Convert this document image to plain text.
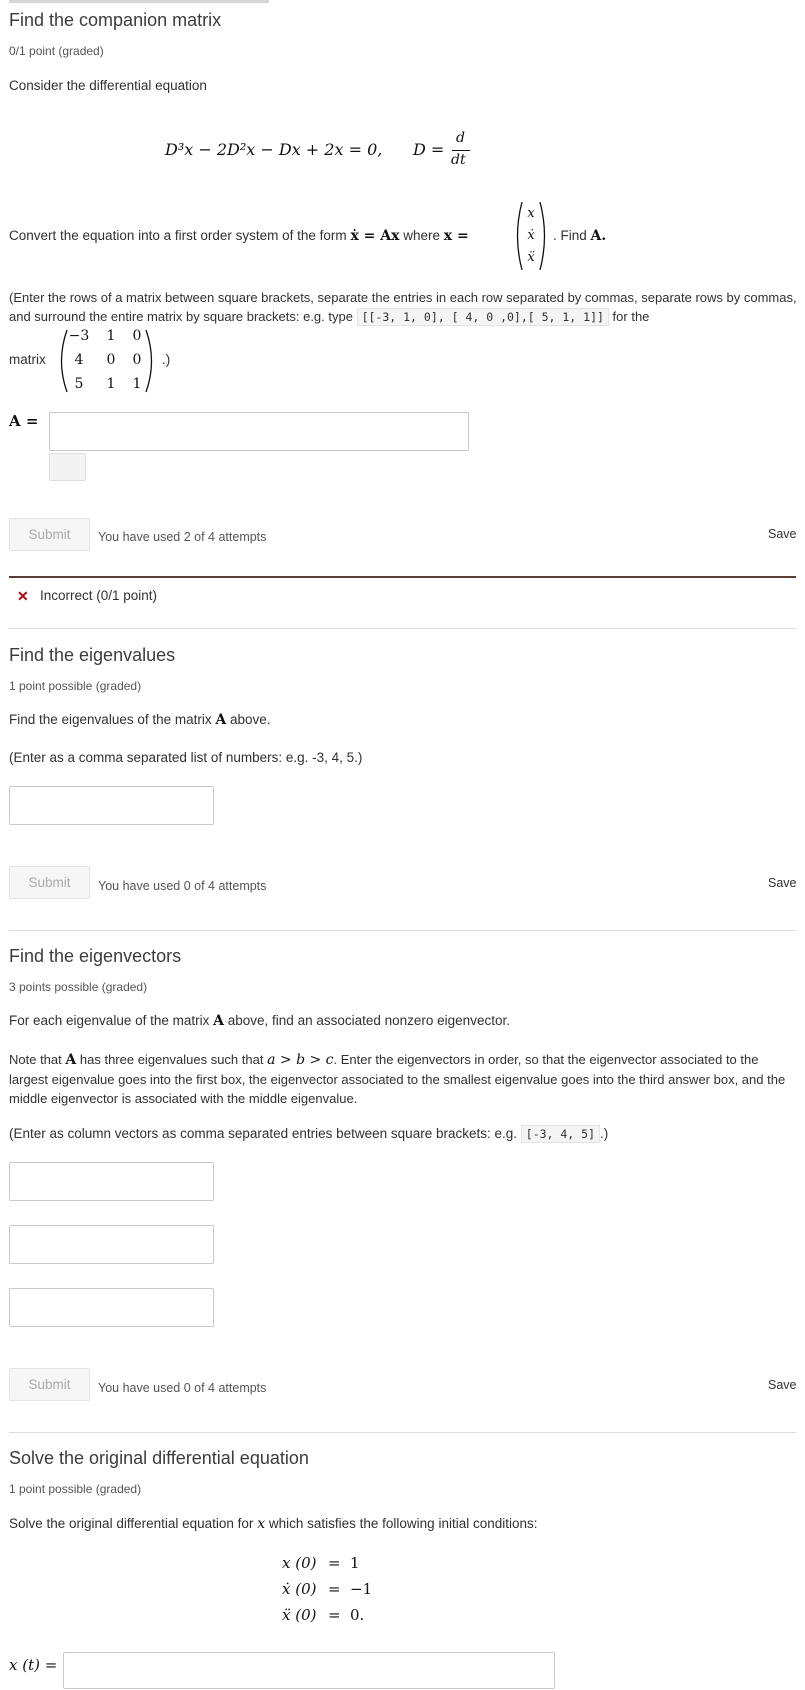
Find the companion matrix
0/1 point (graded)
Consider the differential equation
D³x − 2D²x − Dx + 2x = 0, D =
d
dt
Convert the equation into a first order system of the form ẋ = Ax where x =
x
ẋ
ẍ
. Find A.
(Enter the rows of a matrix between square brackets, separate the entries in each row separated by commas, separate rows by commas, and surround the entire matrix by square brackets: e.g. type [[-3, 1, 0], [ 4, 0 ,0],[ 5, 1, 1]] for the
matrix
−3	1 0
4	0 0
5	1 1
.)
A =
Submit	You have used 2 of 4 attempts	Save
✕ Incorrect (0/1 point)
Find the eigenvalues
1 point possible (graded)
Find the eigenvalues of the matrix A above.
(Enter as a comma separated list of numbers: e.g. -3, 4, 5.)
Submit	You have used 0 of 4 attempts	Save
Find the eigenvectors
3 points possible (graded)
For each eigenvalue of the matrix A above, find an associated nonzero eigenvector.
Note that A has three eigenvalues such that a > b > c. Enter the eigenvectors in order, so that the eigenvector associated to the largest eigenvalue goes into the first box, the eigenvector associated to the smallest eigenvalue goes into the third answer box, and the middle eigenvector is associated with the middle eigenvalue.
(Enter as column vectors as comma separated entries between square brackets: e.g. [-3, 4, 5] .)
Submit	You have used 0 of 4 attempts	Save
Solve the original differential equation
1 point possible (graded)
Solve the original differential equation for x which satisfies the following initial conditions:
x (0) = 1
ẋ (0) = −1
ẍ (0) = 0.
x (t) =
